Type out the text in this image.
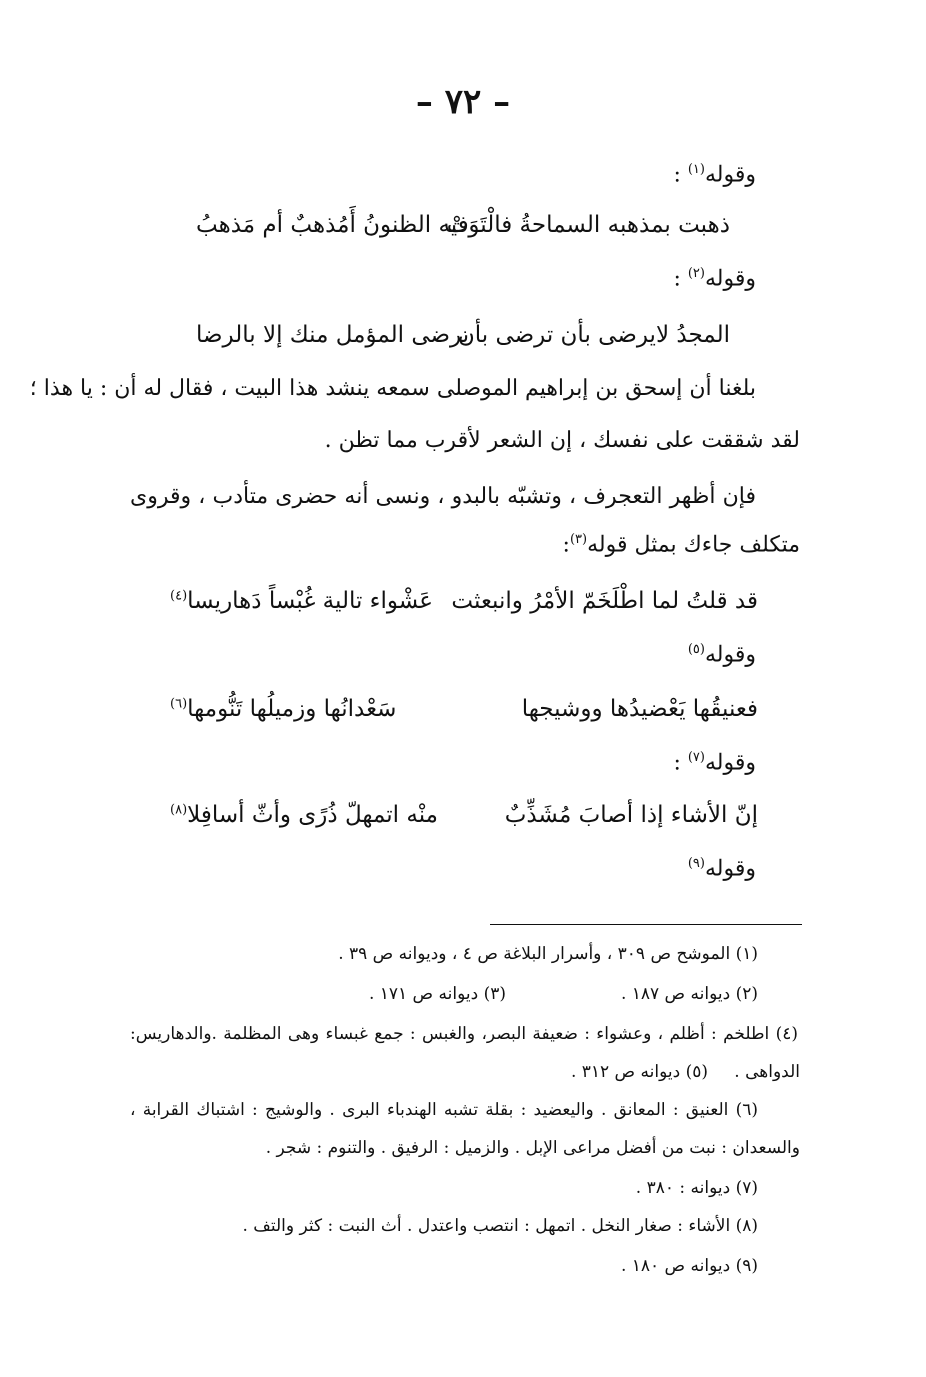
– ٧٢ –
وقوله$^{(١)}$ :
ذهبت بمذهبه السماحةُ فالْتَوَتْ
فيه الظنونُ أَمُذهبٌ أم مَذهبُ
وقوله$^{(٢)}$ :
المجدُ لايرضى بأن ترضى بأن
يرضى المؤمل منك إلا بالرضا
بلغنا أن إسحق بن إبراهيم الموصلى سمعه ينشد هذا البيت ، فقال له أن : يا هذا ؛
لقد شققت على نفسك ، إن الشعر لأقرب مما تظن .
فإن أظهر التعجرف ، وتشبّه بالبدو ، ونسى أنه حضرى متأدب ، وقروى
متكلف جاءك بمثل قوله$^{(٣)}$:
قد قلتُ لما اطْلَخَمّ الأمْرُ وانبعثت
عَشْواء تالية غُبْساً دَهاريسا$^{(٤)}$
وقوله$^{(٥)}$
فعنيقُها يَعْضيدُها ووشيجها
سَعْدانُها وزميلُها تَنُّومها$^{(٦)}$
وقوله$^{(٧)}$ :
إنّ الأشاء إذا أصابَ مُشَذِّبٌ
منْه اتمهلّ ذُرًى وأثّ أسافِلا$^{(٨)}$
وقوله$^{(٩)}$
(١) الموشح ص ٣٠٩ ، وأسرار البلاغة ص ٤ ، وديوانه ص ٣٩ .
(٢) ديوانه ص ١٨٧ .
(٣) ديوانه ص ١٧١ .
(٤) اطلخم : أظلم ، وعشواء : ضعيفة البصر، والغبس : جمع غبساء وهى المظلمة .والدهاريس:
الدواهى .
(٥) ديوانه ص ٣١٢ .
(٦) العنيق : المعانق . واليعضيد : بقلة تشبه الهندباء البرى . والوشيج : اشتباك القرابة ،
والسعدان : نبت من أفضل مراعى الإبل . والزميل : الرفيق . والتنوم : شجر .
(٧) ديوانه : ٣٨٠ .
(٨) الأشاء : صغار النخل . اتمهل : انتصب واعتدل . أث النبت : كثر والتف .
(٩) ديوانه ص ١٨٠ .
